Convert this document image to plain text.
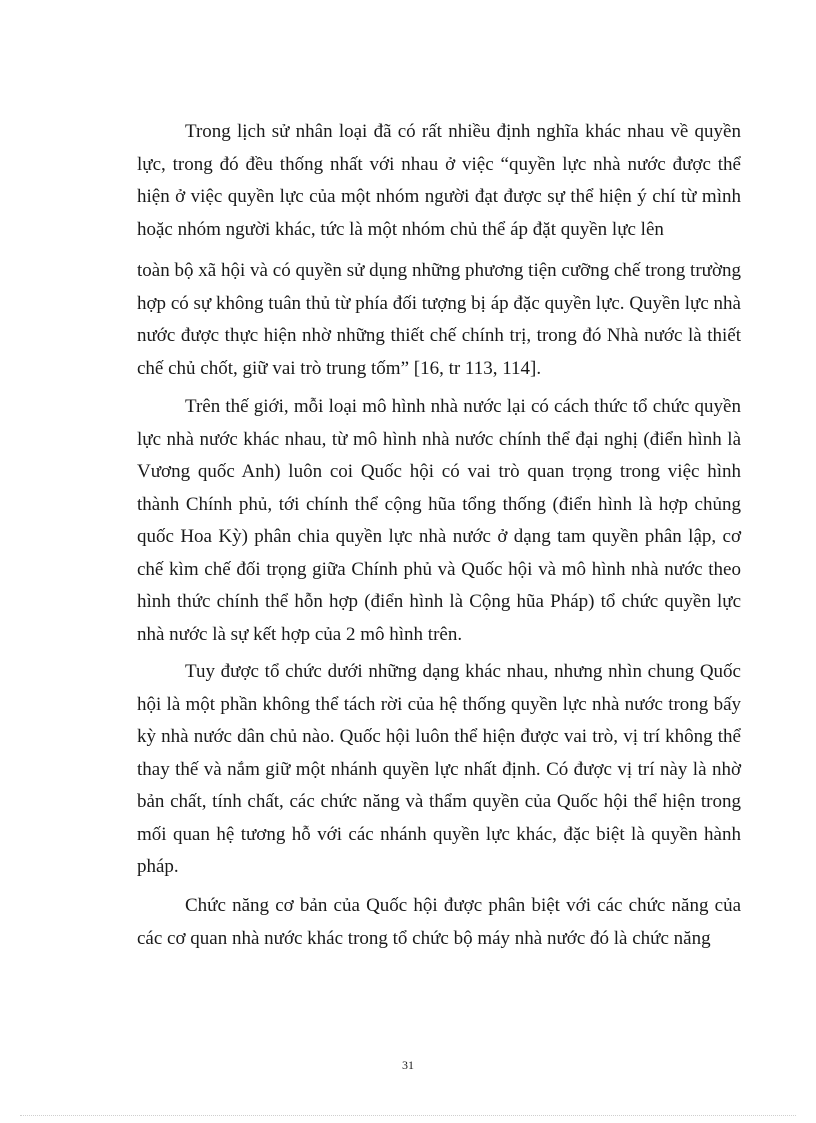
Trong lịch sử nhân loại đã có rất nhiều định nghĩa khác nhau về quyền lực, trong đó đều thống nhất với nhau ở việc “quyền lực nhà nước được thể hiện ở việc quyền lực của một nhóm người đạt được sự thể hiện ý chí từ mình hoặc nhóm người khác, tức là một nhóm chủ thể áp đặt quyền lực lên

toàn bộ xã hội và có quyền sử dụng những phương tiện cưỡng chế trong trường hợp có sự không tuân thủ từ phía đối tượng bị áp đặc quyền lực. Quyền lực nhà nước được thực hiện nhờ những thiết chế chính trị, trong đó Nhà nước là thiết chế chủ chốt, giữ vai trò trung tốm” [16, tr 113, 114].

Trên thế giới, mỗi loại mô hình nhà nước lại có cách thức tổ chức quyền lực nhà nước khác nhau, từ mô hình nhà nước chính thể đại nghị (điển hình là Vương quốc Anh) luôn coi Quốc hội có vai trò quan trọng trong việc hình thành Chính phủ, tới chính thể cộng hũa tổng thống (điển hình là hợp chủng quốc Hoa Kỳ) phân chia quyền lực nhà nước ở dạng tam quyền phân lập, cơ chế kìm chế đối trọng giữa Chính phủ và Quốc hội và mô hình nhà nước theo hình thức chính thể hỗn hợp (điển hình là Cộng hũa Pháp) tổ chức quyền lực nhà nước là sự kết hợp của 2 mô hình trên.

Tuy được tổ chức dưới những dạng khác nhau, nhưng nhìn chung Quốc hội là một phần không thể tách rời của hệ thống quyền lực nhà nước trong bấy kỳ nhà nước dân chủ nào. Quốc hội luôn thể hiện được vai trò, vị trí không thể thay thế và nắm giữ một nhánh quyền lực nhất định. Có được vị trí này là nhờ bản chất, tính chất, các chức năng và thẩm quyền của Quốc hội thể hiện trong mối quan hệ tương hỗ với các nhánh quyền lực khác, đặc biệt là quyền hành pháp.

Chức năng cơ bản của Quốc hội được phân biệt với các chức năng của các cơ quan nhà nước khác trong tổ chức bộ máy nhà nước đó là chức năng

31
